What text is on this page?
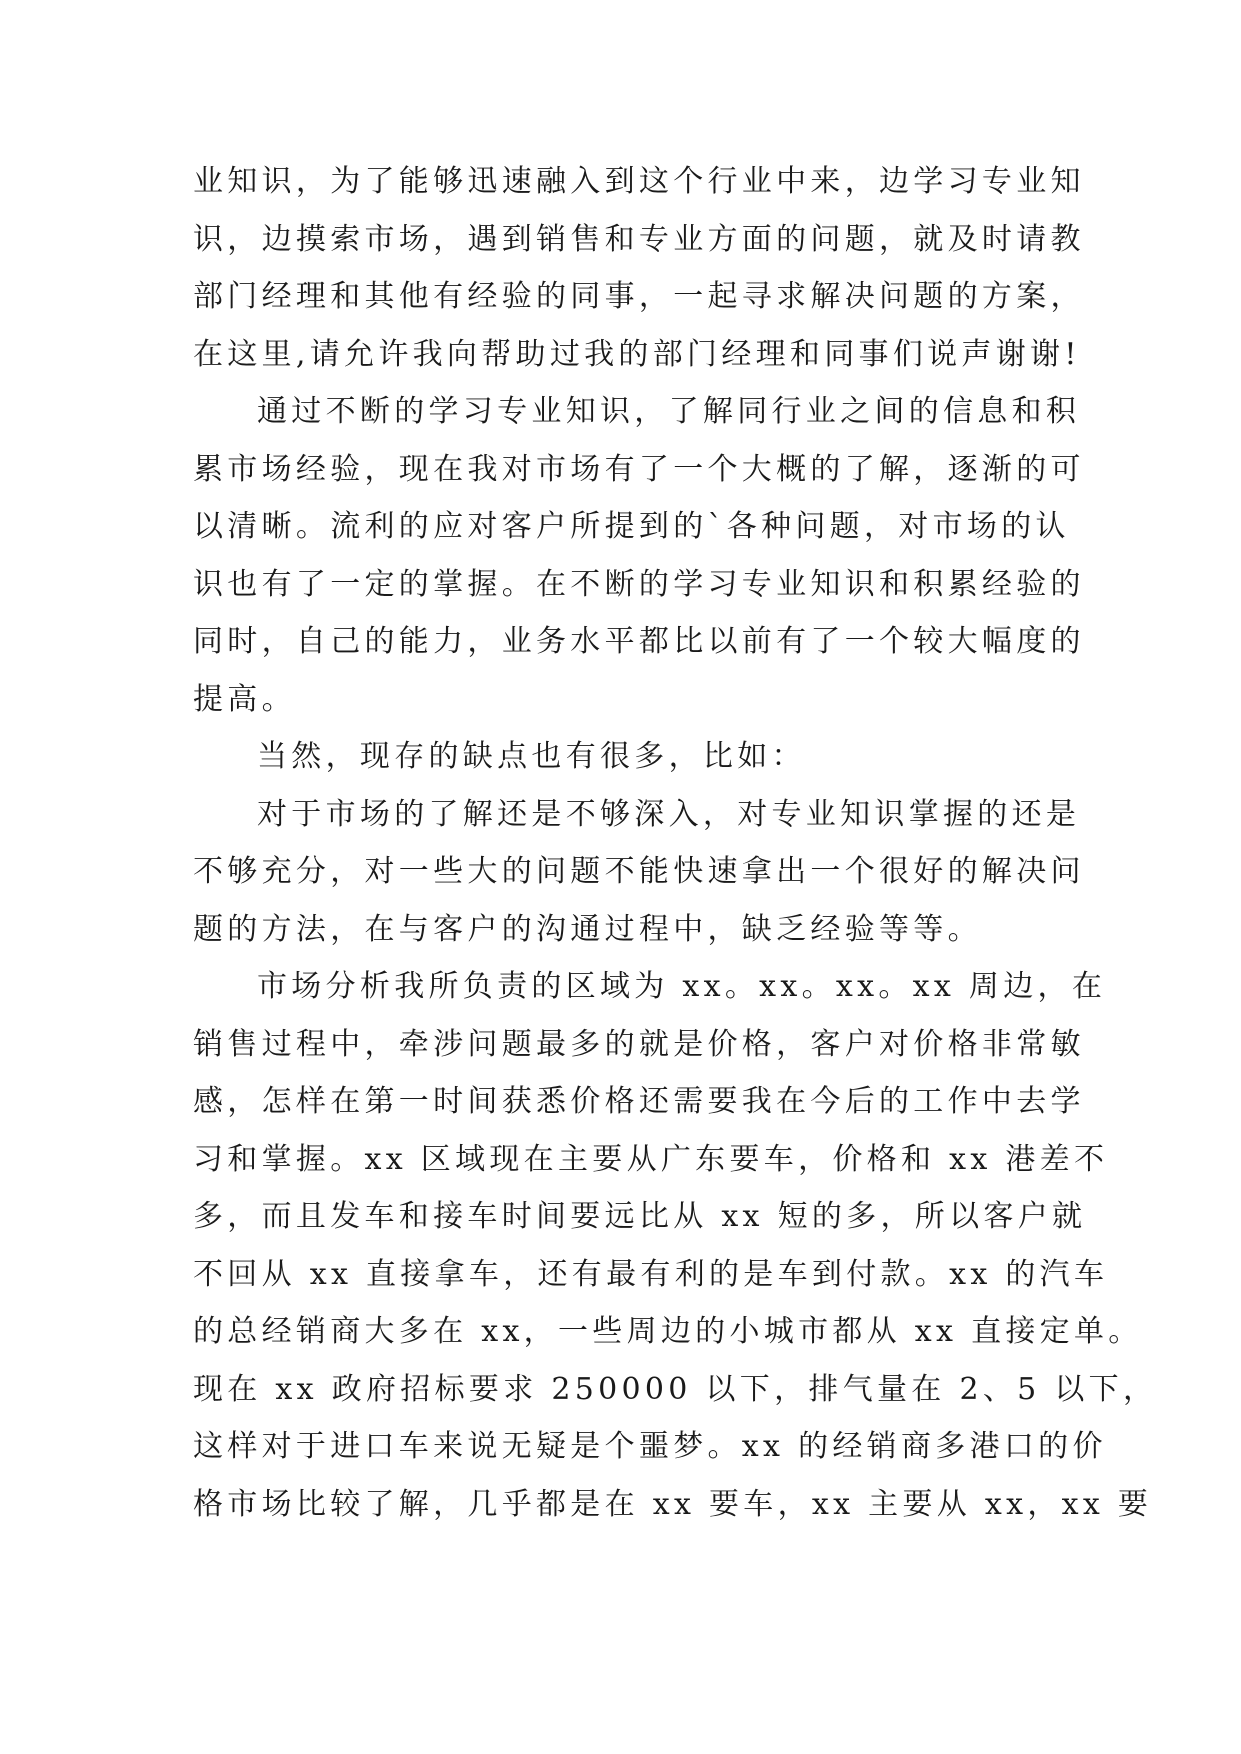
业知识，为了能够迅速融入到这个行业中来，边学习专业知
识，边摸索市场，遇到销售和专业方面的问题，就及时请教
部门经理和其他有经验的同事，一起寻求解决问题的方案，
在这里,请允许我向帮助过我的部门经理和同事们说声谢谢!
通过不断的学习专业知识，了解同行业之间的信息和积
累市场经验，现在我对市场有了一个大概的了解，逐渐的可
以清晰。流利的应对客户所提到的`各种问题，对市场的认
识也有了一定的掌握。在不断的学习专业知识和积累经验的
同时，自己的能力，业务水平都比以前有了一个较大幅度的
提高。
当然，现存的缺点也有很多，比如：
对于市场的了解还是不够深入，对专业知识掌握的还是
不够充分，对一些大的问题不能快速拿出一个很好的解决问
题的方法，在与客户的沟通过程中，缺乏经验等等。
市场分析我所负责的区域为 xx。xx。xx。xx 周边，在
销售过程中，牵涉问题最多的就是价格，客户对价格非常敏
感，怎样在第一时间获悉价格还需要我在今后的工作中去学
习和掌握。xx 区域现在主要从广东要车，价格和 xx 港差不
多，而且发车和接车时间要远比从 xx 短的多，所以客户就
不回从 xx 直接拿车，还有最有利的是车到付款。xx 的汽车
的总经销商大多在 xx，一些周边的小城市都从 xx 直接定单。
现在 xx 政府招标要求 250000 以下，排气量在 2、5 以下，
这样对于进口车来说无疑是个噩梦。xx 的经销商多港口的价
格市场比较了解，几乎都是在 xx 要车，xx 主要从 xx，xx 要
